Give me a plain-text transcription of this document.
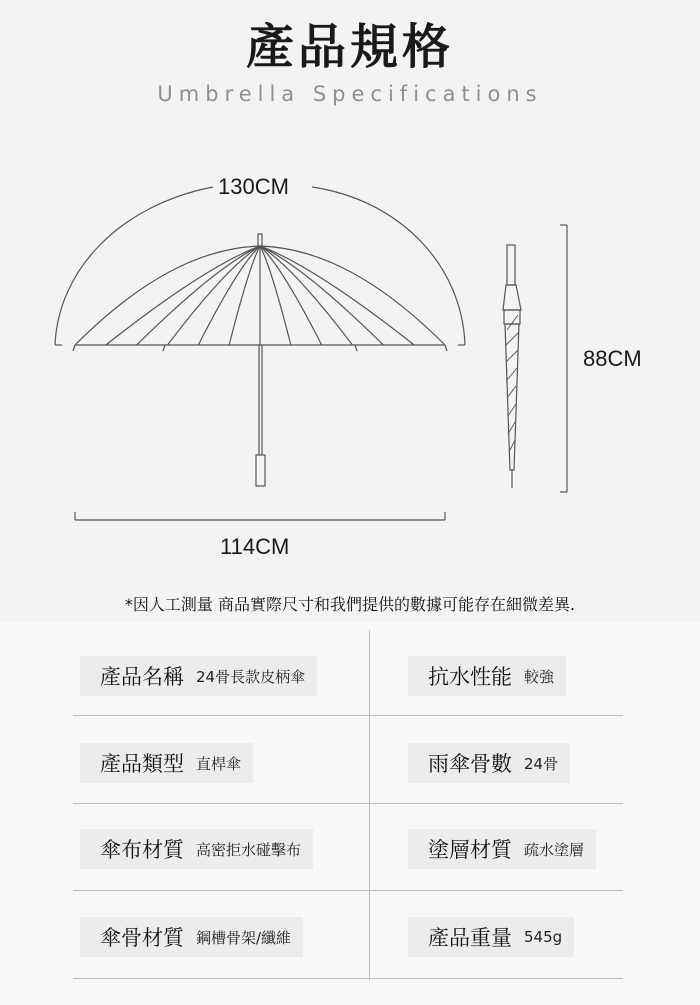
產品規格
Umbrella Specifications
130CM
114CM
88CM
*因人工測量 商品實際尺寸和我們提供的數據可能存在細微差異.
產品名稱 24骨長款皮柄傘	抗水性能 較強
產品類型 直桿傘	雨傘骨數 24骨
傘布材質 高密拒水碰擊布	塗層材質 疏水塗層
傘骨材質 鋼槽骨架/纖維	產品重量 545g
